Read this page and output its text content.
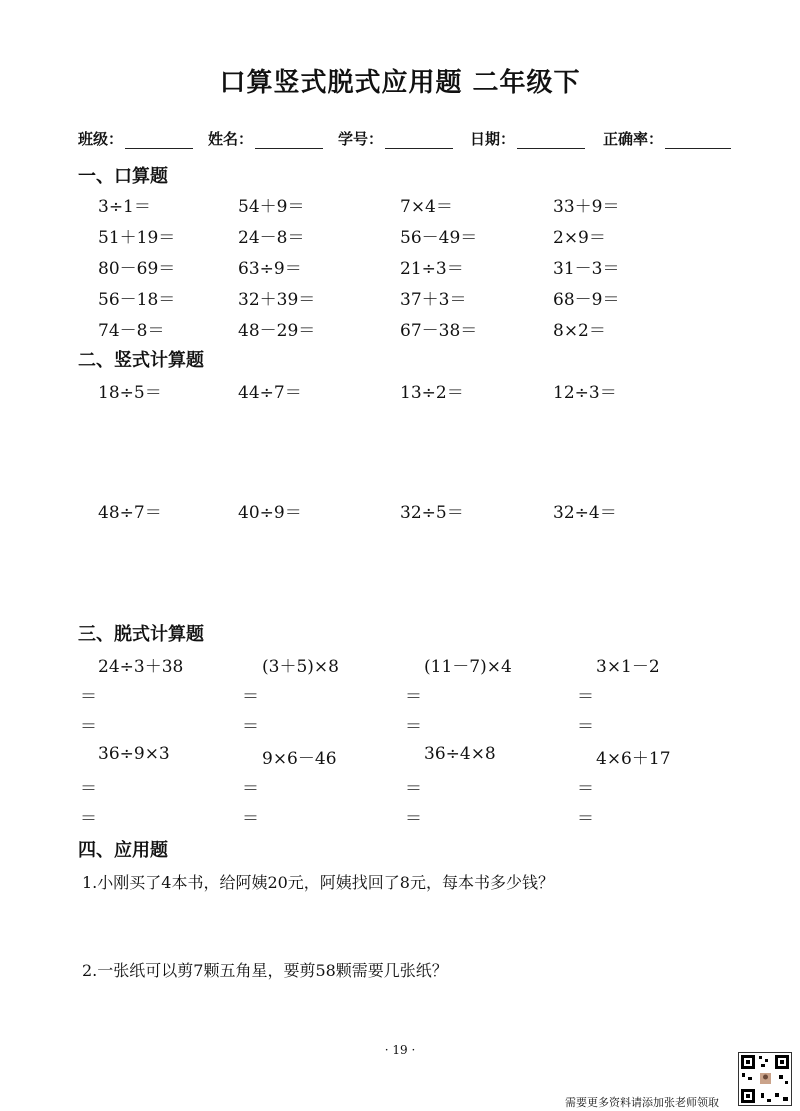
口算竖式脱式应用题 二年级下
班级：	姓名：	学号：	日期：	正确率：
一、口算题
3÷1＝	54＋9＝	7×4＝	33＋9＝
51＋19＝	24－8＝	56－49＝	2×9＝
80－69＝	63÷9＝	21÷3＝	31－3＝
56－18＝	32＋39＝	37＋3＝	68－9＝
74－8＝	48－29＝	67－38＝	8×2＝
二、竖式计算题
18÷5＝	44÷7＝	13÷2＝	12÷3＝
48÷7＝	40÷9＝	32÷5＝	32÷4＝
三、脱式计算题
24÷3＋38	(3＋5)×8	(11－7)×4	3×1－2
＝	＝	＝	＝
＝	＝	＝	＝
36÷9×3	9×6－46	36÷4×8	4×6＋17
＝	＝	＝	＝
＝	＝	＝	＝
四、应用题
1.小刚买了4本书，给阿姨20元，阿姨找回了8元，每本书多少钱？
2.一张纸可以剪7颗五角星，要剪58颗需要几张纸？
· 19 ·
需要更多资料请添加张老师领取
